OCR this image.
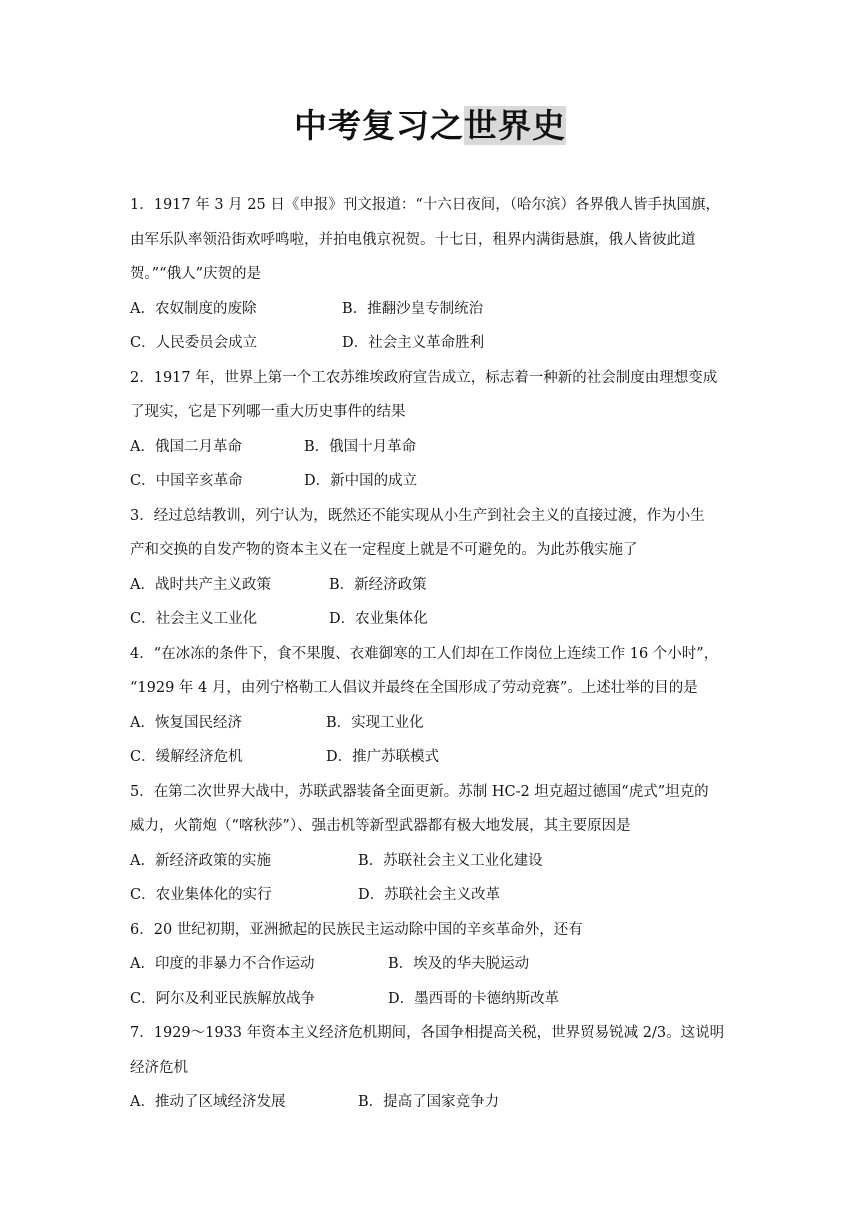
中考复习之世界史
1．1917 年 3 月 25 日《申报》刊文报道：“十六日夜间，（哈尔滨）各界俄人皆手执国旗，
由军乐队率领沿街欢呼鸣啦，并拍电俄京祝贺。十七日，租界内满街悬旗，俄人皆彼此道
贺。”“俄人”庆贺的是
A．农奴制度的废除	B．推翻沙皇专制统治
C．人民委员会成立	D．社会主义革命胜利
2．1917 年，世界上第一个工农苏维埃政府宣告成立，标志着一种新的社会制度由理想变成
了现实，它是下列哪一重大历史事件的结果
A．俄国二月革命	B．俄国十月革命
C．中国辛亥革命	D．新中国的成立
3．经过总结教训，列宁认为，既然还不能实现从小生产到社会主义的直接过渡，作为小生
产和交换的自发产物的资本主义在一定程度上就是不可避免的。为此苏俄实施了
A．战时共产主义政策	B．新经济政策
C．社会主义工业化	D．农业集体化
4．“在冰冻的条件下，食不果腹、衣难御寒的工人们却在工作岗位上连续工作 16 个小时”，
“1929 年 4 月，由列宁格勒工人倡议并最终在全国形成了劳动竞赛”。上述壮举的目的是
A．恢复国民经济	B．实现工业化
C．缓解经济危机	D．推广苏联模式
5．在第二次世界大战中，苏联武器装备全面更新。苏制 HC-2 坦克超过德国“虎式”坦克的
威力，火箭炮（“喀秋莎”）、强击机等新型武器都有极大地发展，其主要原因是
A．新经济政策的实施	B．苏联社会主义工业化建设
C．农业集体化的实行	D．苏联社会主义改革
6．20 世纪初期，亚洲掀起的民族民主运动除中国的辛亥革命外，还有
A．印度的非暴力不合作运动	B．埃及的华夫脱运动
C．阿尔及利亚民族解放战争	D．墨西哥的卡德纳斯改革
7．1929～1933 年资本主义经济危机期间，各国争相提高关税，世界贸易锐减 2/3。这说明
经济危机
A．推动了区域经济发展	B．提高了国家竞争力
